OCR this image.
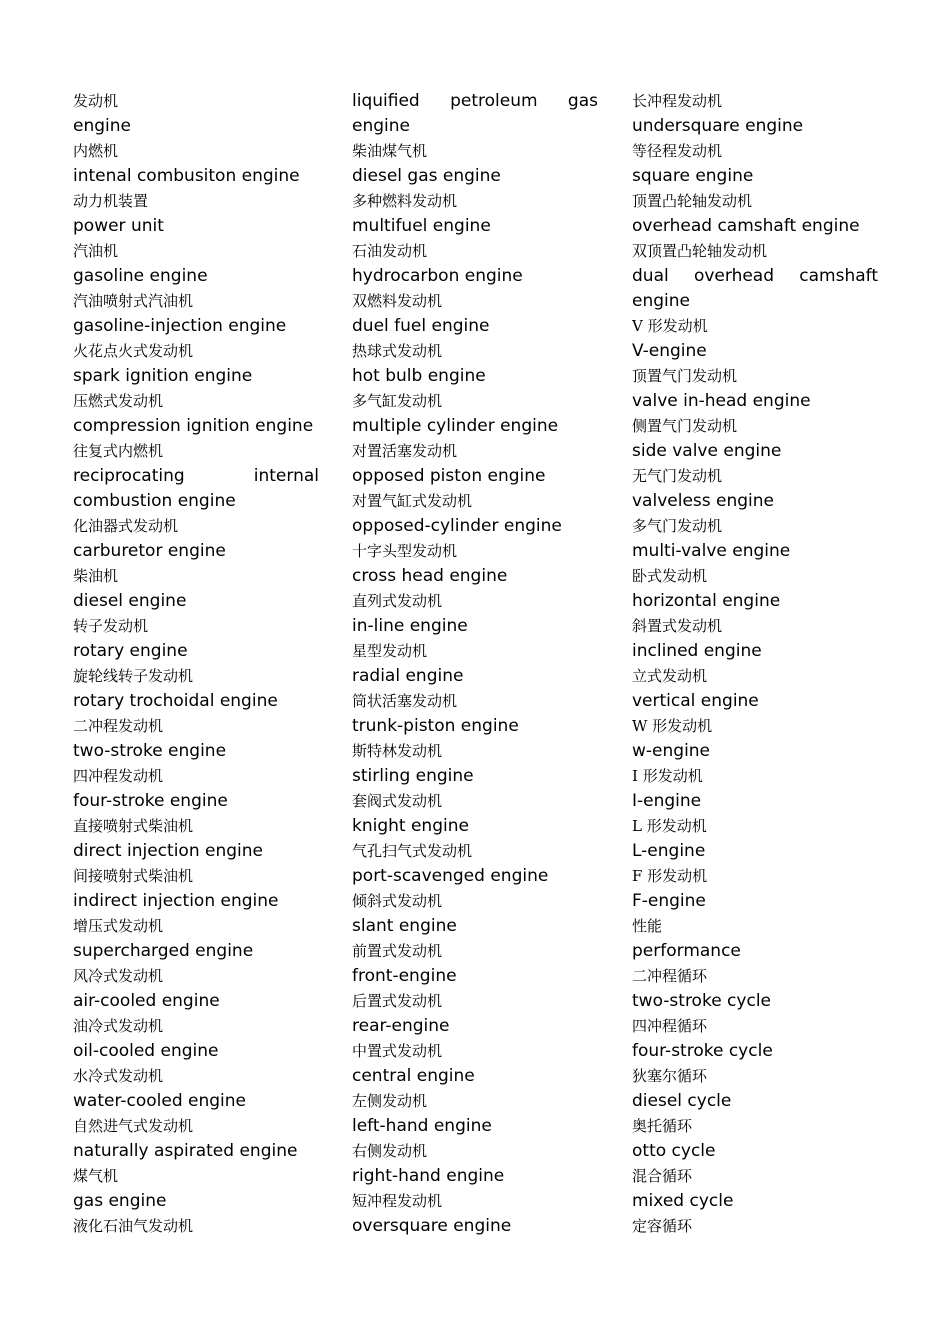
发动机
engine
内燃机
intenal combusiton engine
动力机装置
power unit
汽油机
gasoline engine
汽油喷射式汽油机
gasoline-injection engine
火花点火式发动机
spark ignition engine
压燃式发动机
compression ignition engine
往复式内燃机
reciprocating internal
combustion engine
化油器式发动机
carburetor engine
柴油机
diesel engine
转子发动机
rotary engine
旋轮线转子发动机
rotary trochoidal engine
二冲程发动机
two-stroke engine
四冲程发动机
four-stroke engine
直接喷射式柴油机
direct injection engine
间接喷射式柴油机
indirect injection engine
增压式发动机
supercharged engine
风冷式发动机
air-cooled engine
油冷式发动机
oil-cooled engine
水冷式发动机
water-cooled engine
自然进气式发动机
naturally aspirated engine
煤气机
gas engine
液化石油气发动机
liquified petroleum gas
engine
柴油煤气机
diesel gas engine
多种燃料发动机
multifuel engine
石油发动机
hydrocarbon engine
双燃料发动机
duel fuel engine
热球式发动机
hot bulb engine
多气缸发动机
multiple cylinder engine
对置活塞发动机
opposed piston engine
对置气缸式发动机
opposed-cylinder engine
十字头型发动机
cross head engine
直列式发动机
in-line engine
星型发动机
radial engine
筒状活塞发动机
trunk-piston engine
斯特林发动机
stirling engine
套阀式发动机
knight engine
气孔扫气式发动机
port-scavenged engine
倾斜式发动机
slant engine
前置式发动机
front-engine
后置式发动机
rear-engine
中置式发动机
central engine
左侧发动机
left-hand engine
右侧发动机
right-hand engine
短冲程发动机
oversquare engine
长冲程发动机
undersquare engine
等径程发动机
square engine
顶置凸轮轴发动机
overhead camshaft engine
双顶置凸轮轴发动机
dual overhead camshaft
engine
V 形发动机
V-engine
顶置气门发动机
valve in-head engine
侧置气门发动机
side valve engine
无气门发动机
valveless engine
多气门发动机
multi-valve engine
卧式发动机
horizontal engine
斜置式发动机
inclined engine
立式发动机
vertical engine
W 形发动机
w-engine
I 形发动机
I-engine
L 形发动机
L-engine
F 形发动机
F-engine
性能
performance
二冲程循环
two-stroke cycle
四冲程循环
four-stroke cycle
狄塞尔循环
diesel cycle
奥托循环
otto cycle
混合循环
mixed cycle
定容循环
